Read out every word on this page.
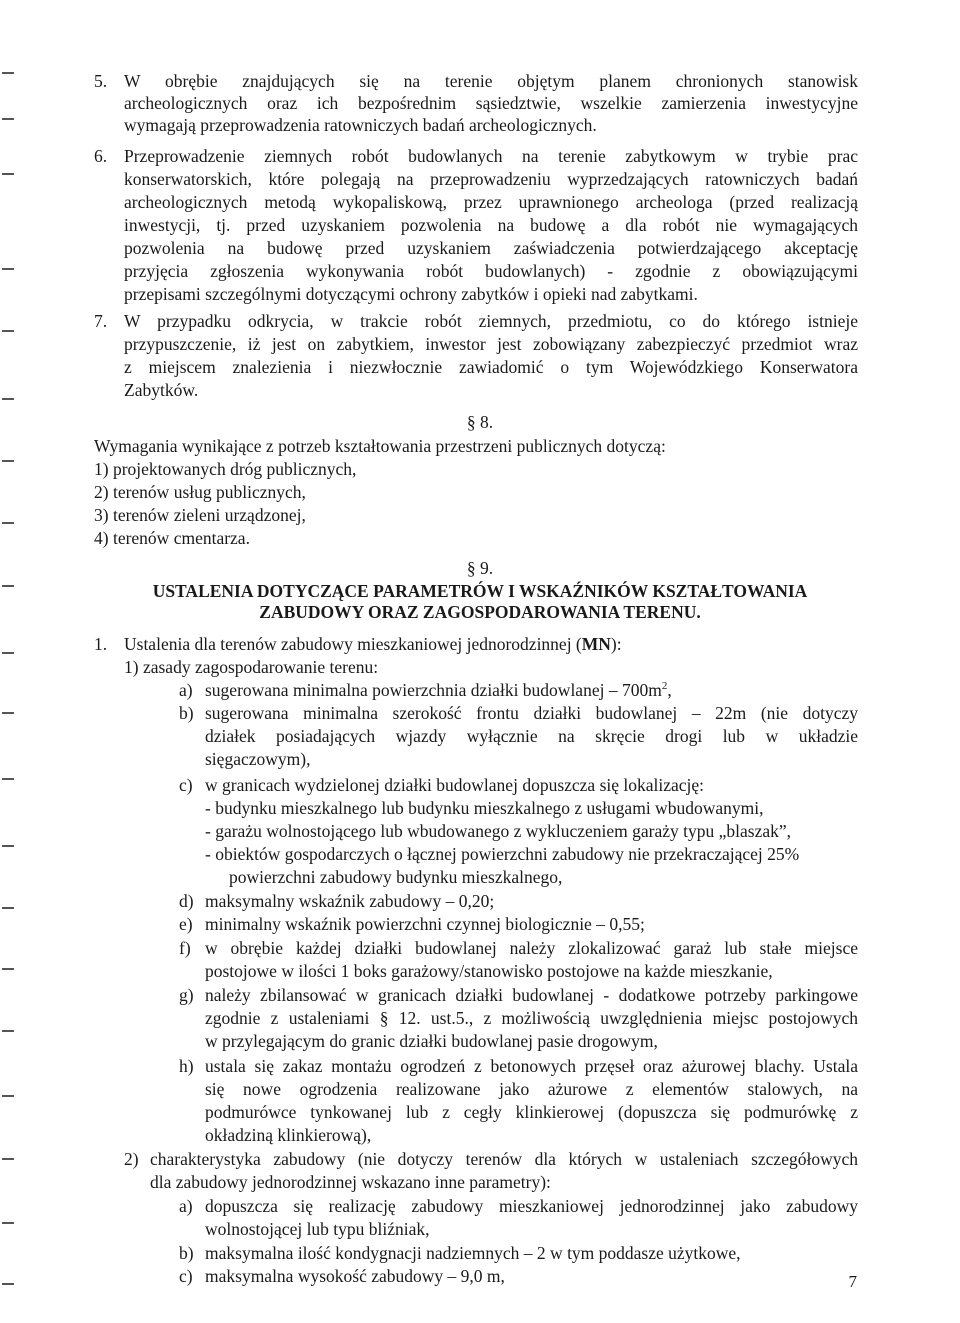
5. W obrębie znajdujących się na terenie objętym planem chronionych stanowisk
archeologicznych oraz ich bezpośrednim sąsiedztwie, wszelkie zamierzenia inwestycyjne
wymagają przeprowadzenia ratowniczych badań archeologicznych.
6. Przeprowadzenie ziemnych robót budowlanych na terenie zabytkowym w trybie prac
konserwatorskich, które polegają na przeprowadzeniu wyprzedzających ratowniczych badań
archeologicznych metodą wykopaliskową, przez uprawnionego archeologa (przed realizacją
inwestycji, tj. przed uzyskaniem pozwolenia na budowę a dla robót nie wymagających
pozwolenia na budowę przed uzyskaniem zaświadczenia potwierdzającego akceptację
przyjęcia zgłoszenia wykonywania robót budowlanych) - zgodnie z obowiązującymi
przepisami szczególnymi dotyczącymi ochrony zabytków i opieki nad zabytkami.
7. W przypadku odkrycia, w trakcie robót ziemnych, przedmiotu, co do którego istnieje
przypuszczenie, iż jest on zabytkiem, inwestor jest zobowiązany zabezpieczyć przedmiot wraz
z miejscem znalezienia i niezwłocznie zawiadomić o tym Wojewódzkiego Konserwatora
Zabytków.
§ 8.
Wymagania wynikające z potrzeb kształtowania przestrzeni publicznych dotyczą:
1) projektowanych dróg publicznych,
2) terenów usług publicznych,
3) terenów zieleni urządzonej,
4) terenów cmentarza.
§ 9.
USTALENIA DOTYCZĄCE PARAMETRÓW I WSKAŹNIKÓW KSZTAŁTOWANIA
ZABUDOWY ORAZ ZAGOSPODAROWANIA TERENU.
1. Ustalenia dla terenów zabudowy mieszkaniowej jednorodzinnej (MN):
1) zasady zagospodarowanie terenu:
a) sugerowana minimalna powierzchnia działki budowlanej – $700m^2$,
b) sugerowana minimalna szerokość frontu działki budowlanej – 22m (nie dotyczy
działek posiadających wjazdy wyłącznie na skręcie drogi lub w układzie
sięgaczowym),
c) w granicach wydzielonej działki budowlanej dopuszcza się lokalizację:
- budynku mieszkalnego lub budynku mieszkalnego z usługami wbudowanymi,
- garażu wolnostojącego lub wbudowanego z wykluczeniem garaży typu „blaszak”,
- obiektów gospodarczych o łącznej powierzchni zabudowy nie przekraczającej 25%
powierzchni zabudowy budynku mieszkalnego,
d) maksymalny wskaźnik zabudowy – 0,20;
e) minimalny wskaźnik powierzchni czynnej biologicznie – 0,55;
f) w obrębie każdej działki budowlanej należy zlokalizować garaż lub stałe miejsce
postojowe w ilości 1 boks garażowy/stanowisko postojowe na każde mieszkanie,
g) należy zbilansować w granicach działki budowlanej - dodatkowe potrzeby parkingowe
zgodnie z ustaleniami § 12. ust.5., z możliwością uwzględnienia miejsc postojowych
w przylegającym do granic działki budowlanej pasie drogowym,
h) ustala się zakaz montażu ogrodzeń z betonowych przęseł oraz ażurowej blachy. Ustala
się nowe ogrodzenia realizowane jako ażurowe z elementów stalowych, na
podmurówce tynkowanej lub z cegły klinkierowej (dopuszcza się podmurówkę z
okładziną klinkierową),
2) charakterystyka zabudowy (nie dotyczy terenów dla których w ustaleniach szczegółowych
dla zabudowy jednorodzinnej wskazano inne parametry):
a) dopuszcza się realizację zabudowy mieszkaniowej jednorodzinnej jako zabudowy
wolnostojącej lub typu bliźniak,
b) maksymalna ilość kondygnacji nadziemnych – 2 w tym poddasze użytkowe,
c) maksymalna wysokość zabudowy – 9,0 m,	7
